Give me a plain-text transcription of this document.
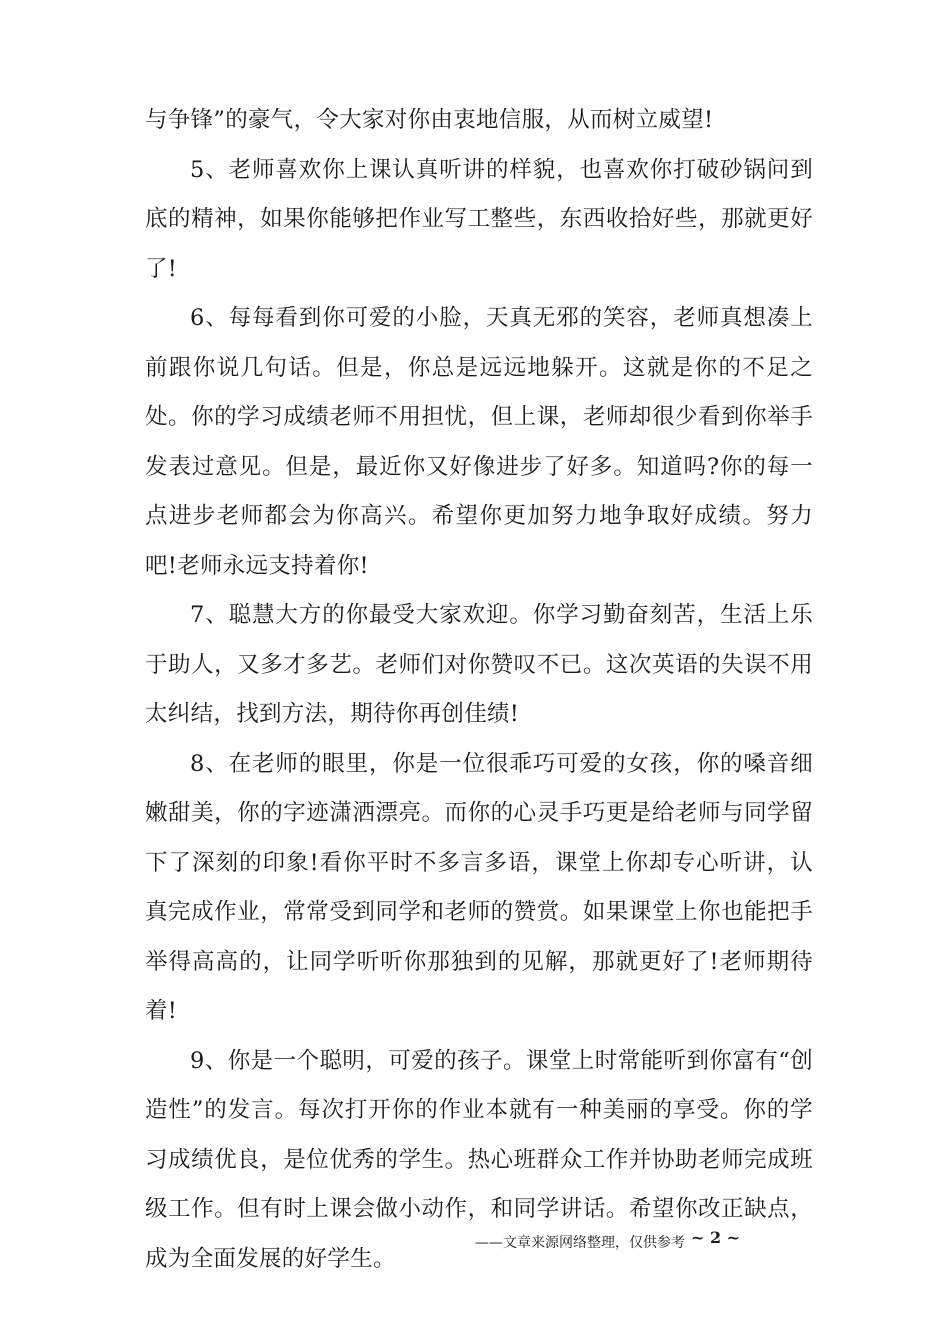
与争锋”的豪气，令大家对你由衷地信服，从而树立威望!

5、老师喜欢你上课认真听讲的样貌，也喜欢你打破砂锅问到底的精神，如果你能够把作业写工整些，东西收拾好些，那就更好了!

6、每每看到你可爱的小脸，天真无邪的笑容，老师真想凑上前跟你说几句话。但是，你总是远远地躲开。这就是你的不足之处。你的学习成绩老师不用担忧，但上课，老师却很少看到你举手发表过意见。但是，最近你又好像进步了好多。知道吗?你的每一点进步老师都会为你高兴。希望你更加努力地争取好成绩。努力吧!老师永远支持着你!

7、聪慧大方的你最受大家欢迎。你学习勤奋刻苦，生活上乐于助人，又多才多艺。老师们对你赞叹不已。这次英语的失误不用太纠结，找到方法，期待你再创佳绩!

8、在老师的眼里，你是一位很乖巧可爱的女孩，你的嗓音细嫩甜美，你的字迹潇洒漂亮。而你的心灵手巧更是给老师与同学留下了深刻的印象!看你平时不多言多语，课堂上你却专心听讲，认真完成作业，常常受到同学和老师的赞赏。如果课堂上你也能把手举得高高的，让同学听听你那独到的见解，那就更好了!老师期待着!

9、你是一个聪明，可爱的孩子。课堂上时常能听到你富有“创造性”的发言。每次打开你的作业本就有一种美丽的享受。你的学习成绩优良，是位优秀的学生。热心班群众工作并协助老师完成班级工作。但有时上课会做小动作，和同学讲话。希望你改正缺点，成为全面发展的好学生。

——文章来源网络整理，仅供参考 ~ 2 ~
